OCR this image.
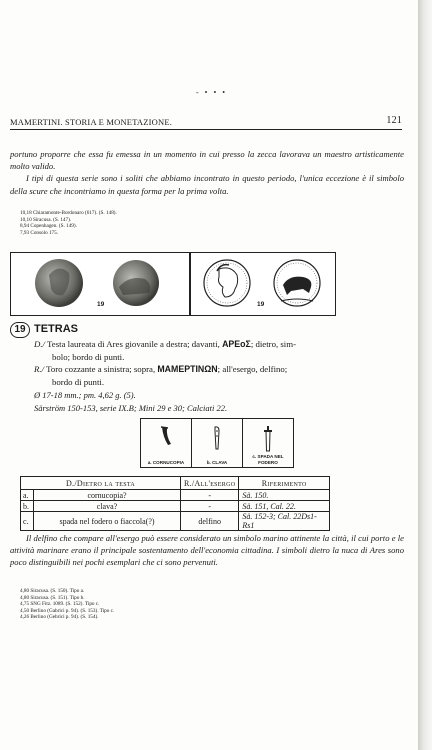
- • • •
MAMERTINI. STORIA E MONETAZIONE.	121

portuno proporre che essa fu emessa in un momento in cui presso la zecca lavorava un maestro artisticamente molto valido.
I tipi di questa serie sono i soliti che abbiamo incontrato in questo periodo, l'unica eccezione è il simbolo della scure che incontriamo in questa forma per la prima volta.
10,18 Chiaramonte-Bordonaro (617). (S. 148).
10,10 Siracusa. (S. 147).
8,94 Copenhagen. (S. 149).
7,93 Consolo 175.
19	19
19 TETRAS
D./ Testa laureata di Ares giovanile a destra; davanti, ΑΡΕοΣ; dietro, sim-
bolo; bordo di punti.
R./ Toro cozzante a sinistra; sopra, ΜΑΜΕΡΤΙΝΩΝ; all'esergo, delfino;
bordo di punti.
Ø 17-18 mm.; pm. 4,62 g. (5).
Särström 150-153, serie IX.B; Mini 29 e 30; Calciati 22.
a. CORNUCOPIA	b. CLAVA
c. SPADA NEL FODERO
D./Dietro la testa		R./All'esergo	Riferimento
a.	cornucopia?	-	Sä. 150.
b.	clava?	-	Sä. 151, Cal. 22.
c.	spada nel fodero o fiaccola(?)	delfino	Sä. 152-3; Cal. 22Ds1-Rs1
Il delfino che compare all'esergo può essere considerato un simbolo marino attinente la città, il cui porto e le attività marinare erano il principale sostentamento dell'economia cittadina. I simboli dietro la nuca di Ares sono poco distinguibili nei pochi esemplari che ci sono pervenuti.
4,80 Siracusa. (S. 150). Tipo a.
4,80 Siracusa. (S. 151). Tipo b.
4,75 SNG Fitz. 1089. (S. 152). Tipo c.
4,50 Berlino (Gabrici p. 94). (S. 153). Tipo c.
4,26 Berlino (Gebrici p. 94). (S. 154).
